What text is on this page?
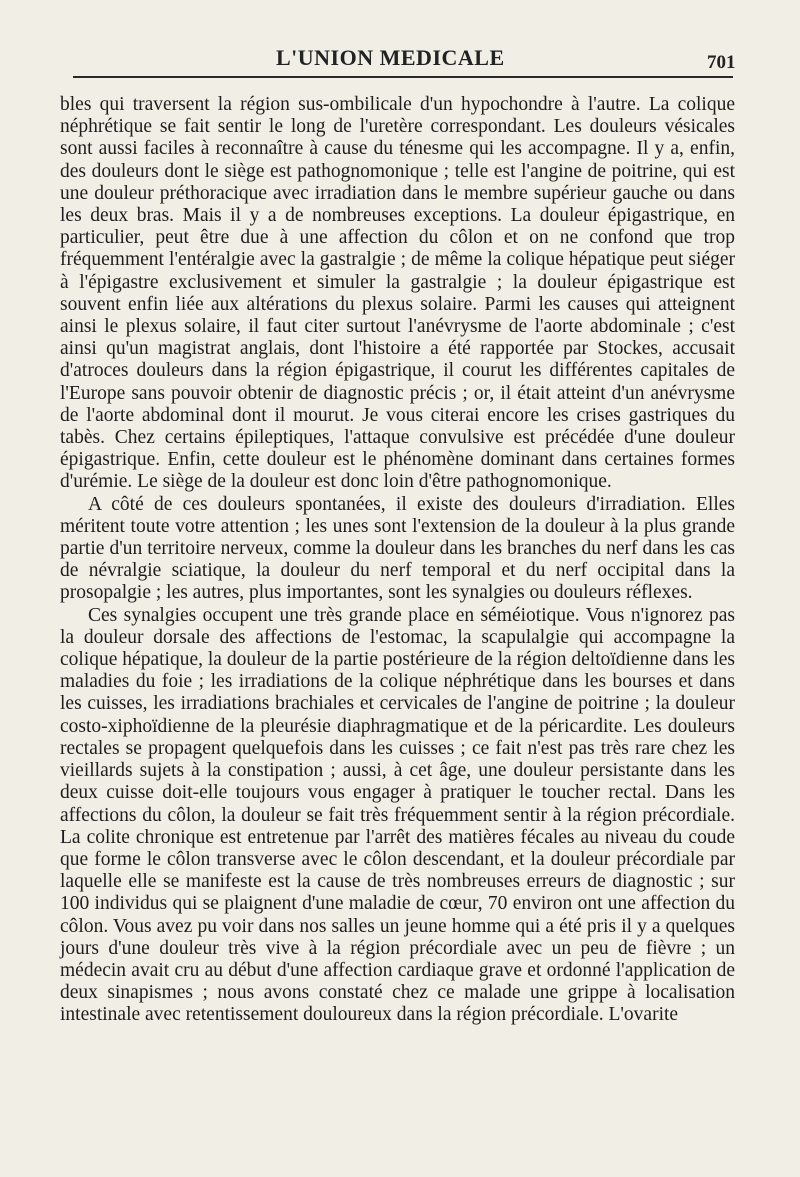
L'UNION MEDICALE	701

bles qui traversent la région sus-ombilicale d'un hypochondre à l'autre. La colique néphrétique se fait sentir le long de l'uretère correspondant. Les douleurs vésicales sont aussi faciles à reconnaître à cause du ténesme qui les accompagne. Il y a, enfin, des douleurs dont le siège est pathognomonique ; telle est l'angine de poitrine, qui est une douleur préthoracique avec irradiation dans le membre supérieur gauche ou dans les deux bras. Mais il y a de nombreuses exceptions. La douleur épigastrique, en particulier, peut être due à une affection du côlon et on ne confond que trop fréquemment l'entéralgie avec la gastralgie ; de même la colique hépatique peut siéger à l'épigastre exclusivement et simuler la gastralgie ; la douleur épigastrique est souvent enfin liée aux altérations du plexus solaire. Parmi les causes qui atteignent ainsi le plexus solaire, il faut citer surtout l'anévrysme de l'aorte abdominale ; c'est ainsi qu'un magistrat anglais, dont l'histoire a été rapportée par Stockes, accusait d'atroces douleurs dans la région épigastrique, il courut les différentes capitales de l'Europe sans pouvoir obtenir de diagnostic précis ; or, il était atteint d'un anévrysme de l'aorte abdominal dont il mourut. Je vous citerai encore les crises gastriques du tabès. Chez certains épileptiques, l'attaque convulsive est précédée d'une douleur épigastrique. Enfin, cette douleur est le phénomène dominant dans certaines formes d'urémie. Le siège de la douleur est donc loin d'être pathognomonique.

A côté de ces douleurs spontanées, il existe des douleurs d'irradiation. Elles méritent toute votre attention ; les unes sont l'extension de la douleur à la plus grande partie d'un territoire nerveux, comme la douleur dans les branches du nerf dans les cas de névralgie sciatique, la douleur du nerf temporal et du nerf occipital dans la prosopalgie ; les autres, plus importantes, sont les synalgies ou douleurs réflexes.

Ces synalgies occupent une très grande place en séméiotique. Vous n'ignorez pas la douleur dorsale des affections de l'estomac, la scapulalgie qui accompagne la colique hépatique, la douleur de la partie postérieure de la région deltoïdienne dans les maladies du foie ; les irradiations de la colique néphrétique dans les bourses et dans les cuisses, les irradiations brachiales et cervicales de l'angine de poitrine ; la douleur costo-xiphoïdienne de la pleurésie diaphragmatique et de la péricardite. Les douleurs rectales se propagent quelquefois dans les cuisses ; ce fait n'est pas très rare chez les vieillards sujets à la constipation ; aussi, à cet âge, une douleur persistante dans les deux cuisse doit-elle toujours vous engager à pratiquer le toucher rectal. Dans les affections du côlon, la douleur se fait très fréquemment sentir à la région précordiale. La colite chronique est entretenue par l'arrêt des matières fécales au niveau du coude que forme le côlon transverse avec le côlon descendant, et la douleur précordiale par laquelle elle se manifeste est la cause de très nombreuses erreurs de diagnostic ; sur 100 individus qui se plaignent d'une maladie de cœur, 70 environ ont une affection du côlon. Vous avez pu voir dans nos salles un jeune homme qui a été pris il y a quelques jours d'une douleur très vive à la région précordiale avec un peu de fièvre ; un médecin avait cru au début d'une affection cardiaque grave et ordonné l'application de deux sinapismes ; nous avons constaté chez ce malade une grippe à localisation intestinale avec retentissement douloureux dans la région précordiale. L'ovarite
